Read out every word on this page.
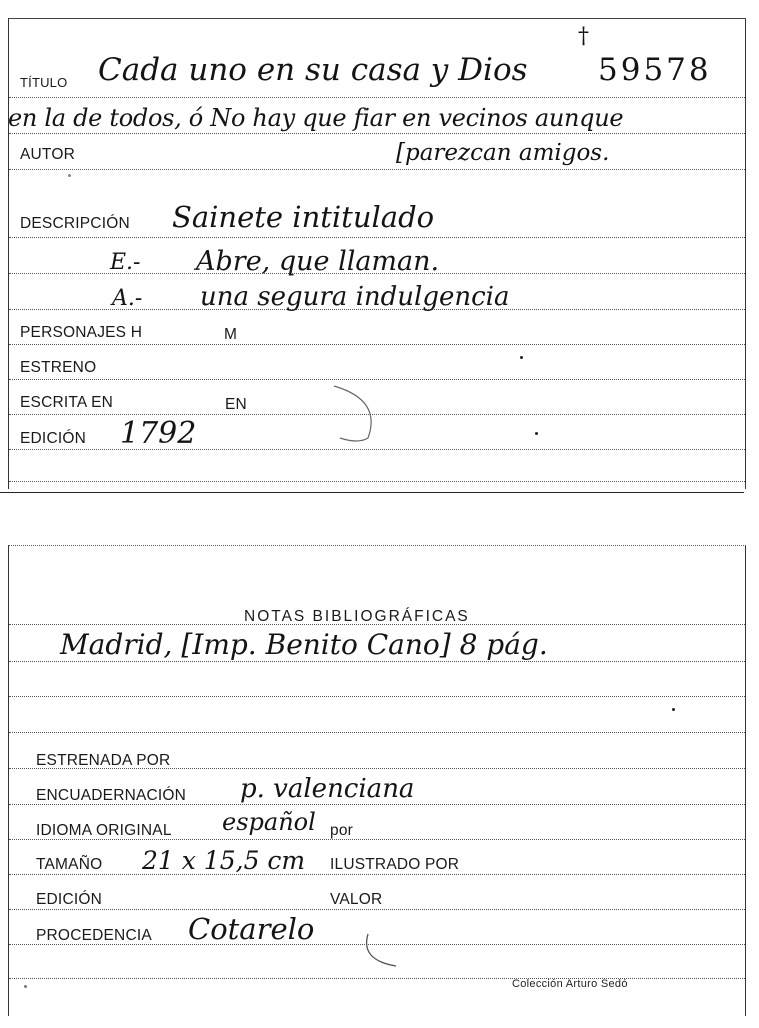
TÍTULO Cada uno en su casa y Dios
†
59578
en la de todos, ó No hay que fiar en vecinos aunque
AUTOR	[parezcan amigos.
DESCRIPCIÓN Sainete intitulado
E.- Abre, que llaman.
A.- una segura indulgencia
PERSONAJES H	M
ESTRENO
ESCRITA EN	EN
EDICIÓN 1792
NOTAS BIBLIOGRÁFICAS
Madrid, [Imp. Benito Cano] 8 pág.
ESTRENADA POR
ENCUADERNACIÓN p. valenciana
IDIOMA ORIGINAL español por
TAMAÑO 21 x 15,5 cm ILUSTRADO POR
EDICIÓN	VALOR
PROCEDENCIA Cotarelo
Colección Arturo Sedó
